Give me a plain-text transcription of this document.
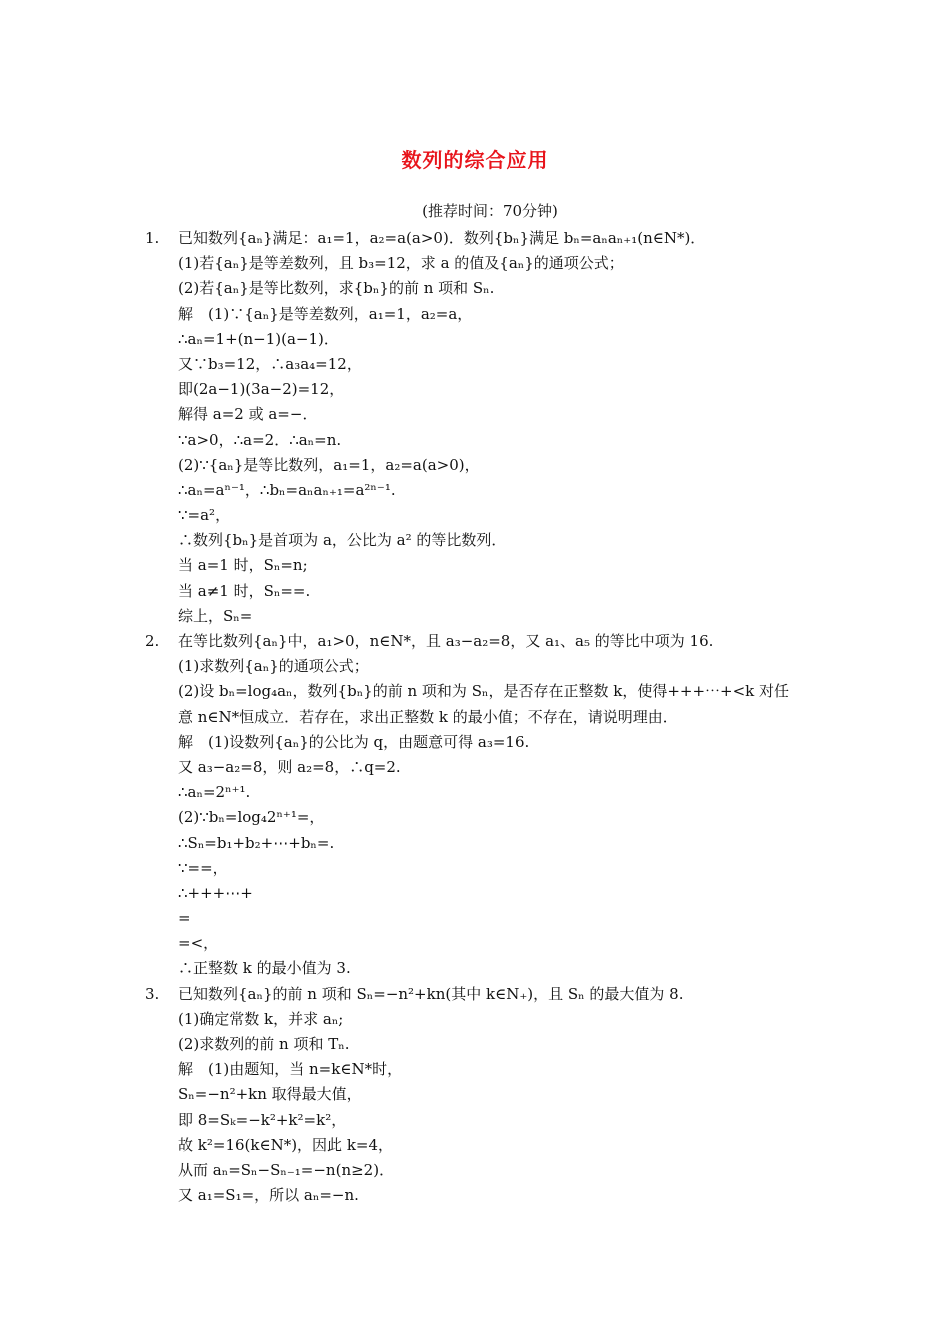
数列的综合应用
(推荐时间：70分钟)
1. 已知数列{aₙ}满足：a₁=1，a₂=a(a>0)．数列{bₙ}满足 bₙ=aₙaₙ₊₁(n∈N*)．
(1)若{aₙ}是等差数列，且 b₃=12，求 a 的值及{aₙ}的通项公式；
(2)若{aₙ}是等比数列，求{bₙ}的前 n 项和 Sₙ.
解　(1)∵{aₙ}是等差数列，a₁=1，a₂=a，
∴aₙ=1+(n−1)(a−1)．
又∵b₃=12，∴a₃a₄=12，
即(2a−1)(3a−2)=12，
解得 a=2 或 a=−．
∵a>0，∴a=2．∴aₙ=n.
(2)∵{aₙ}是等比数列，a₁=1，a₂=a(a>0)，
∴aₙ=aⁿ⁻¹，∴bₙ=aₙaₙ₊₁=a²ⁿ⁻¹.
∵=a²，
∴数列{bₙ}是首项为 a，公比为 a² 的等比数列．
当 a=1 时，Sₙ=n;
当 a≠1 时，Sₙ==.
综上，Sₙ=
2. 在等比数列{aₙ}中，a₁>0，n∈N*，且 a₃−a₂=8，又 a₁、a₅ 的等比中项为 16.
(1)求数列{aₙ}的通项公式；
(2)设 bₙ=log₄aₙ，数列{bₙ}的前 n 项和为 Sₙ，是否存在正整数 k，使得+++⋯+<k 对任
意 n∈N*恒成立．若存在，求出正整数 k 的最小值；不存在，请说明理由．
解　(1)设数列{aₙ}的公比为 q，由题意可得 a₃=16.
又 a₃−a₂=8，则 a₂=8，∴q=2.
∴aₙ=2ⁿ⁺¹.
(2)∵bₙ=log₄2ⁿ⁺¹=，
∴Sₙ=b₁+b₂+⋯+bₙ=.
∵==，
∴+++⋯+
=
=<，
∴正整数 k 的最小值为 3.
3. 已知数列{aₙ}的前 n 项和 Sₙ=−n²+kn(其中 k∈N₊)，且 Sₙ 的最大值为 8.
(1)确定常数 k，并求 aₙ;
(2)求数列的前 n 项和 Tₙ.
解　(1)由题知，当 n=k∈N*时，
Sₙ=−n²+kn 取得最大值，
即 8=Sₖ=−k²+k²=k²，
故 k²=16(k∈N*)，因此 k=4，
从而 aₙ=Sₙ−Sₙ₋₁=−n(n≥2)．
又 a₁=S₁=，所以 aₙ=−n.
